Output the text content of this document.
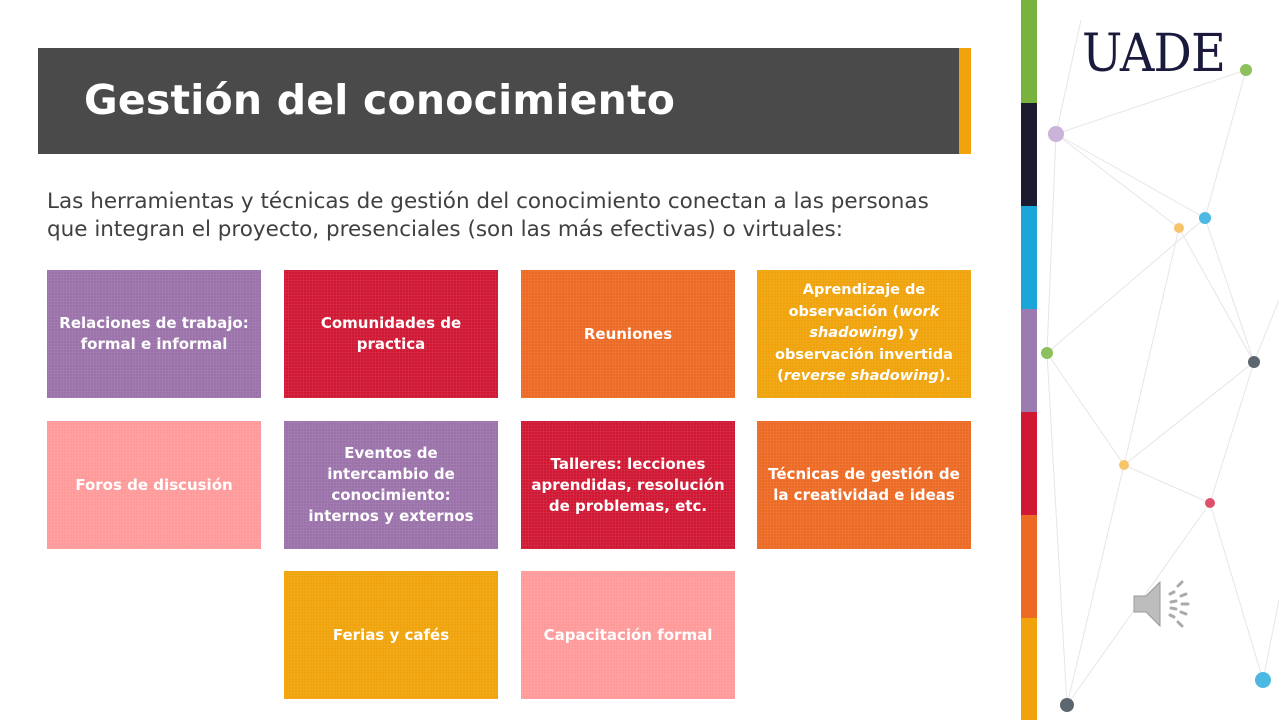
Gestión del conocimiento
Las herramientas y técnicas de gestión del conocimiento conectan a las personas
que integran el proyecto, presenciales (son las más efectivas) o virtuales:
Relaciones de trabajo: formal e informal
Comunidades de practica
Reuniones
Aprendizaje de observación (work shadowing) y observación invertida (reverse shadowing).
Foros de discusión
Eventos de intercambio de conocimiento: internos y externos
Talleres: lecciones aprendidas, resolución de problemas, etc.
Técnicas de gestión de la creatividad e ideas
Ferias y cafés	Capacitación formal
UADE
